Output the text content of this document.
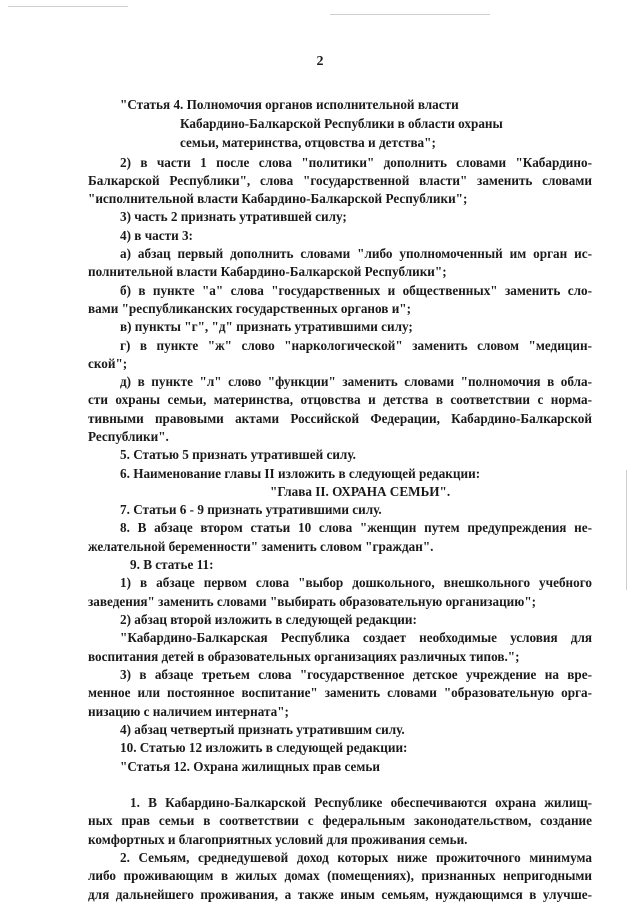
2
"Статья 4. Полномочия органов исполнительной власти
Кабардино-Балкарской Республики в области охраны
семьи, материнства, отцовства и детства";
2) в части 1 после слова "политики" дополнить словами "Кабардино-
Балкарской Республики", слова "государственной власти" заменить словами
"исполнительной власти Кабардино-Балкарской Республики";
3) часть 2 признать утратившей силу;
4) в части 3:
а) абзац первый дополнить словами "либо уполномоченный им орган ис-
полнительной власти Кабардино-Балкарской Республики";
б) в пункте "а" слова "государственных и общественных" заменить сло-
вами "республиканских государственных органов и";
в) пункты "г", "д" признать утратившими силу;
г) в пункте "ж" слово "наркологической" заменить словом "медицин-
ской";
д) в пункте "л" слово "функции" заменить словами "полномочия в обла-
сти охраны семьи, материнства, отцовства и детства в соответствии с норма-
тивными правовыми актами Российской Федерации, Кабардино-Балкарской
Республики".
5. Статью 5 признать утратившей силу.
6. Наименование главы II изложить в следующей редакции:
"Глава II. ОХРАНА СЕМЬИ".
7. Статьи 6 - 9 признать утратившими силу.
8. В абзаце втором статьи 10 слова "женщин путем предупреждения не-
желательной беременности" заменить словом "граждан".
9. В статье 11:
1) в абзаце первом слова "выбор дошкольного, внешкольного учебного
заведения" заменить словами "выбирать образовательную организацию";
2) абзац второй изложить в следующей редакции:
"Кабардино-Балкарская Республика создает необходимые условия для
воспитания детей в образовательных организациях различных типов.";
3) в абзаце третьем слова "государственное детское учреждение на вре-
менное или постоянное воспитание" заменить словами "образовательную орга-
низацию с наличием интерната";
4) абзац четвертый признать утратившим силу.
10. Статью 12 изложить в следующей редакции:
"Статья 12. Охрана жилищных прав семьи
1. В Кабардино-Балкарской Республике обеспечиваются охрана жилищ-
ных прав семьи в соответствии с федеральным законодательством, создание
комфортных и благоприятных условий для проживания семьи.
2. Семьям, среднедушевой доход которых ниже прожиточного минимума
либо проживающим в жилых домах (помещениях), признанных непригодными
для дальнейшего проживания, а также иным семьям, нуждающимся в улучше-
